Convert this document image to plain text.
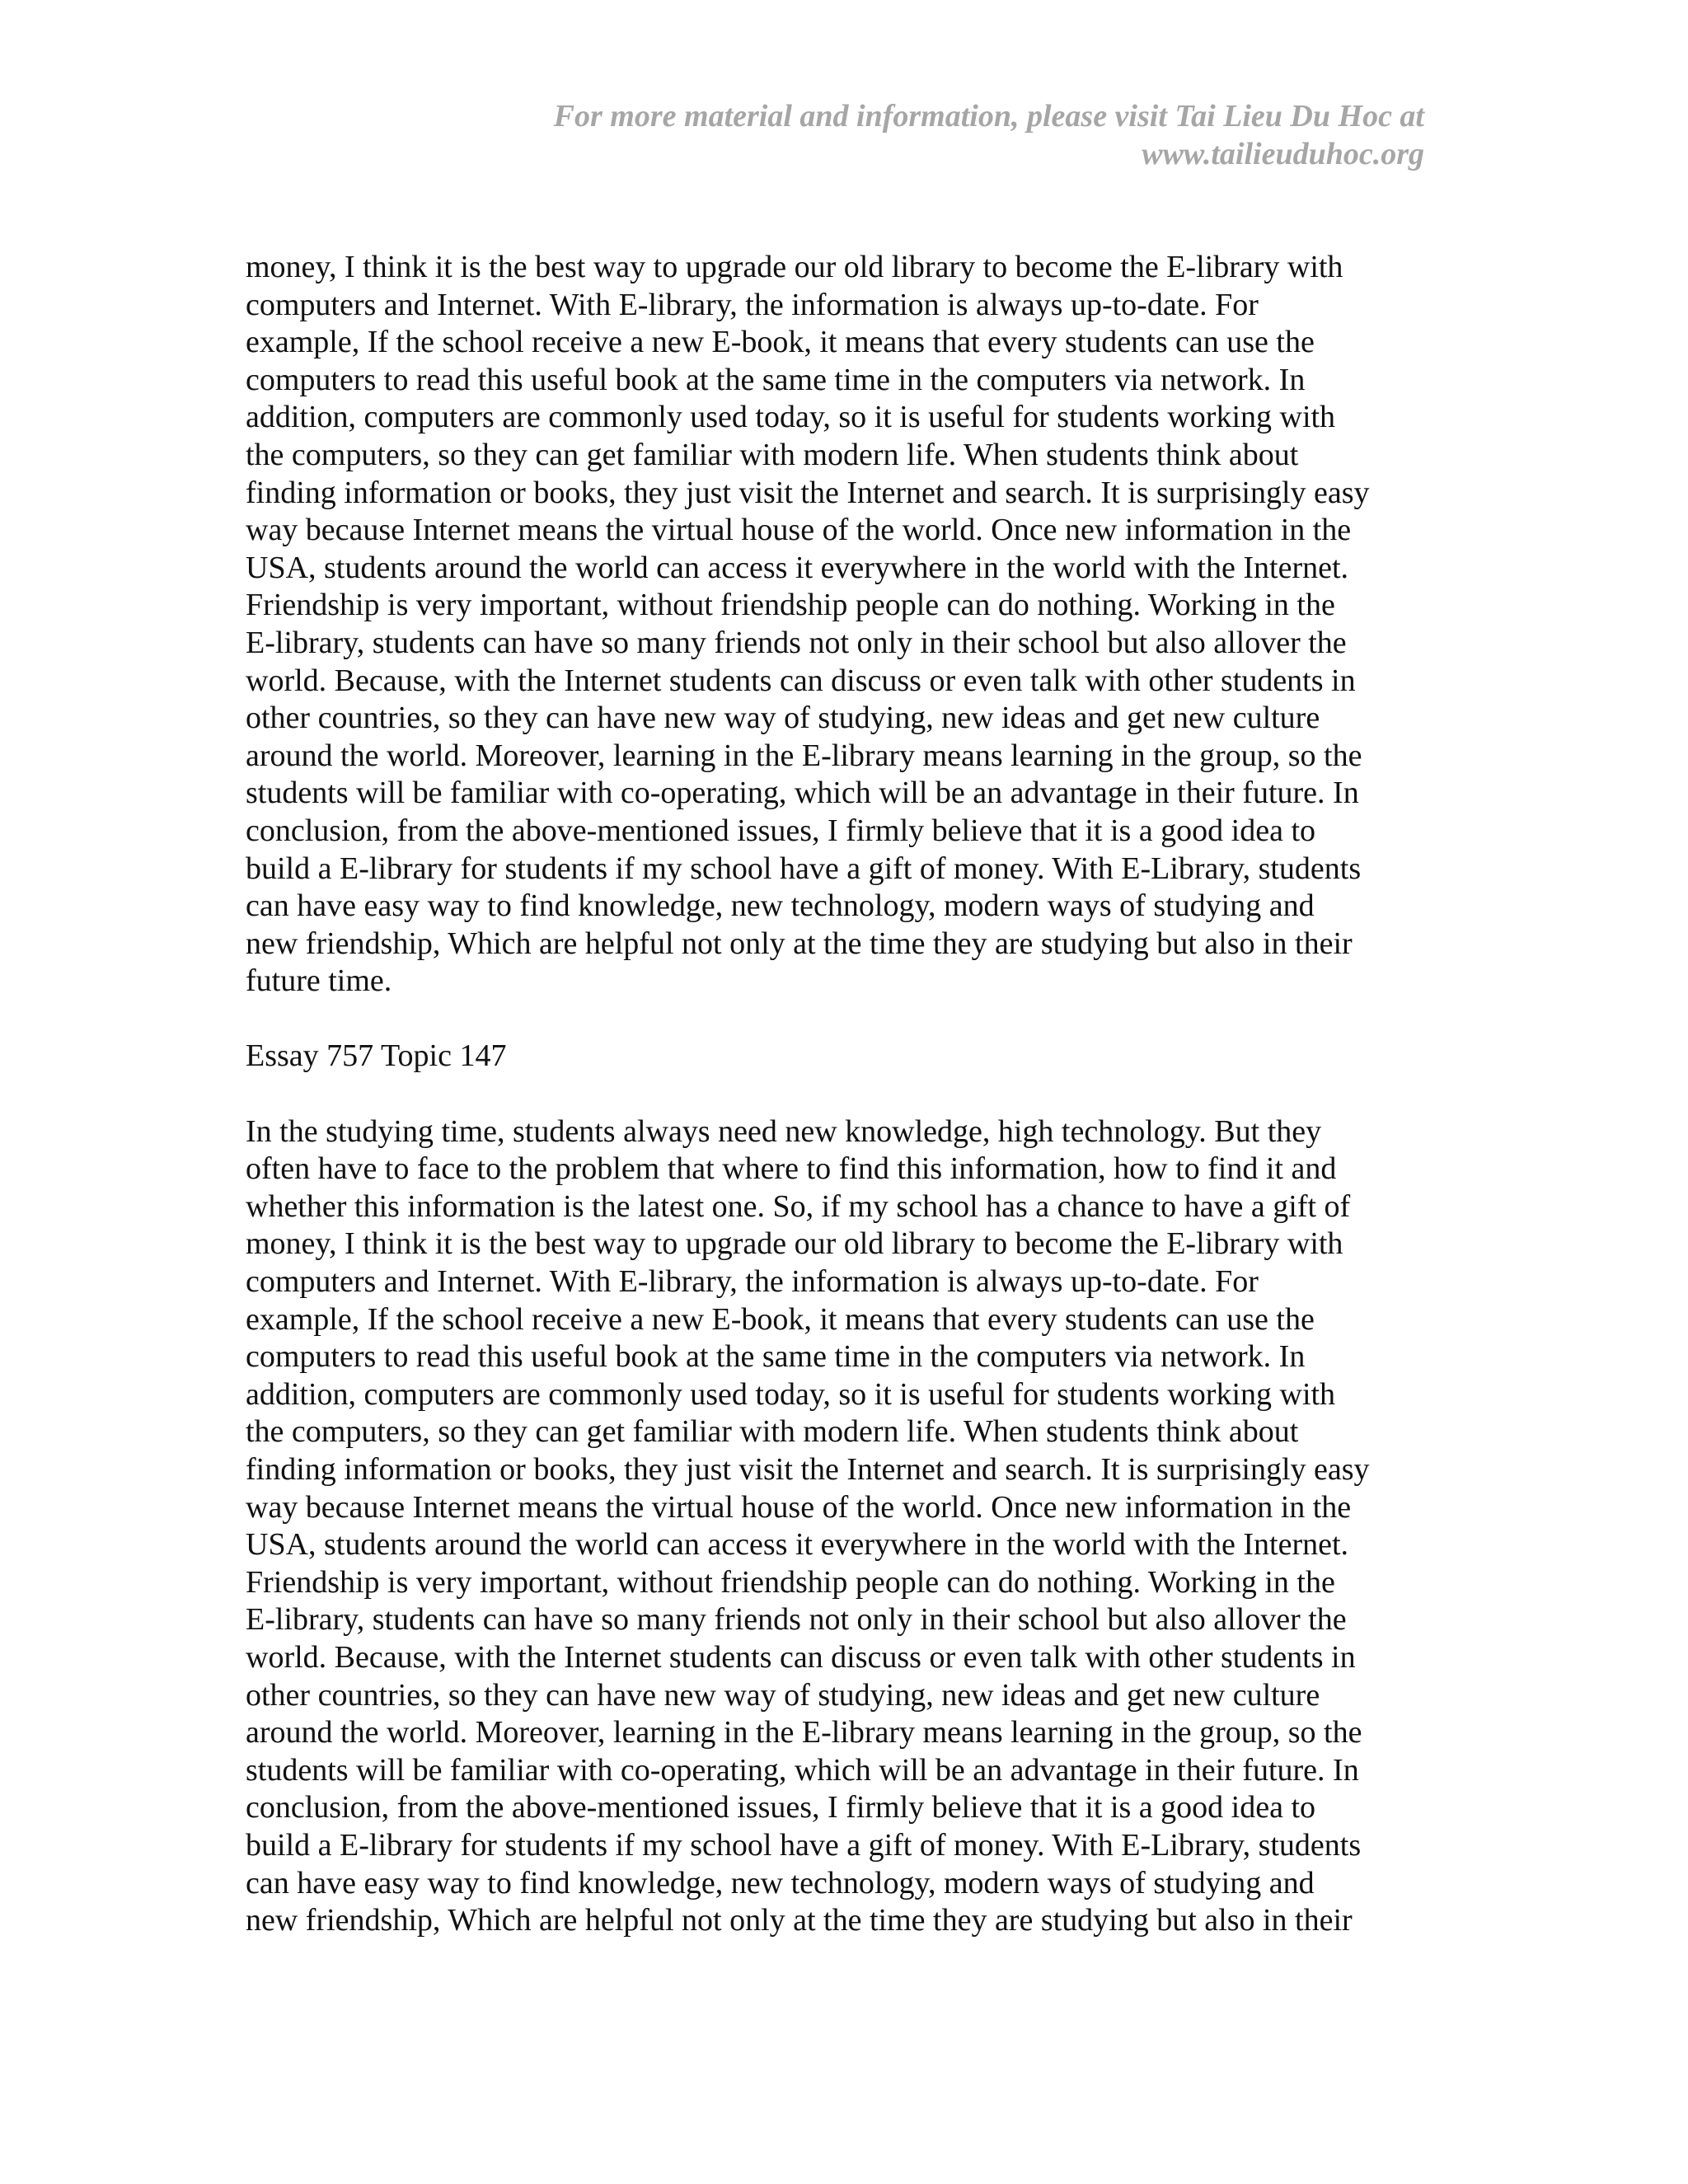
For more material and information, please visit Tai Lieu Du Hoc at
www.tailieuduhoc.org
money, I think it is the best way to upgrade our old library to become the E-library with
computers and Internet. With E-library, the information is always up-to-date. For
example, If the school receive a new E-book, it means that every students can use the
computers to read this useful book at the same time in the computers via network. In
addition, computers are commonly used today, so it is useful for students working with
the computers, so they can get familiar with modern life. When students think about
finding information or books, they just visit the Internet and search. It is surprisingly easy
way because Internet means the virtual house of the world. Once new information in the
USA, students around the world can access it everywhere in the world with the Internet.
Friendship is very important, without friendship people can do nothing. Working in the
E-library, students can have so many friends not only in their school but also allover the
world. Because, with the Internet students can discuss or even talk with other students in
other countries, so they can have new way of studying, new ideas and get new culture
around the world. Moreover, learning in the E-library means learning in the group, so the
students will be familiar with co-operating, which will be an advantage in their future. In
conclusion, from the above-mentioned issues, I firmly believe that it is a good idea to
build a E-library for students if my school have a gift of money. With E-Library, students
can have easy way to find knowledge, new technology, modern ways of studying and
new friendship, Which are helpful not only at the time they are studying but also in their
future time.
Essay 757 Topic 147
In the studying time, students always need new knowledge, high technology. But they
often have to face to the problem that where to find this information, how to find it and
whether this information is the latest one. So, if my school has a chance to have a gift of
money, I think it is the best way to upgrade our old library to become the E-library with
computers and Internet. With E-library, the information is always up-to-date. For
example, If the school receive a new E-book, it means that every students can use the
computers to read this useful book at the same time in the computers via network. In
addition, computers are commonly used today, so it is useful for students working with
the computers, so they can get familiar with modern life. When students think about
finding information or books, they just visit the Internet and search. It is surprisingly easy
way because Internet means the virtual house of the world. Once new information in the
USA, students around the world can access it everywhere in the world with the Internet.
Friendship is very important, without friendship people can do nothing. Working in the
E-library, students can have so many friends not only in their school but also allover the
world. Because, with the Internet students can discuss or even talk with other students in
other countries, so they can have new way of studying, new ideas and get new culture
around the world. Moreover, learning in the E-library means learning in the group, so the
students will be familiar with co-operating, which will be an advantage in their future. In
conclusion, from the above-mentioned issues, I firmly believe that it is a good idea to
build a E-library for students if my school have a gift of money. With E-Library, students
can have easy way to find knowledge, new technology, modern ways of studying and
new friendship, Which are helpful not only at the time they are studying but also in their
